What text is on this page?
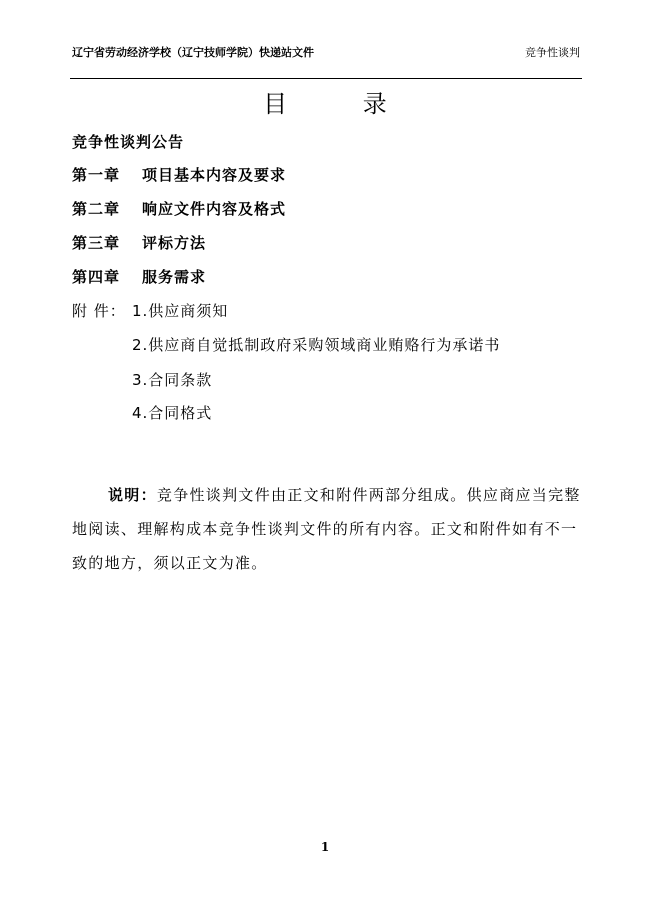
辽宁省劳动经济学校（辽宁技师学院）快递站文件	竞争性谈判
目 录
竞争性谈判公告
第一章 项目基本内容及要求
第二章 响应文件内容及格式
第三章 评标方法
第四章 服务需求
附 件： 1.供应商须知
2.供应商自觉抵制政府采购领域商业贿赂行为承诺书
3.合同条款
4.合同格式
说明：竞争性谈判文件由正文和附件两部分组成。供应商应当完整地阅读、理解构成本竞争性谈判文件的所有内容。正文和附件如有不一致的地方，须以正文为准。
1
